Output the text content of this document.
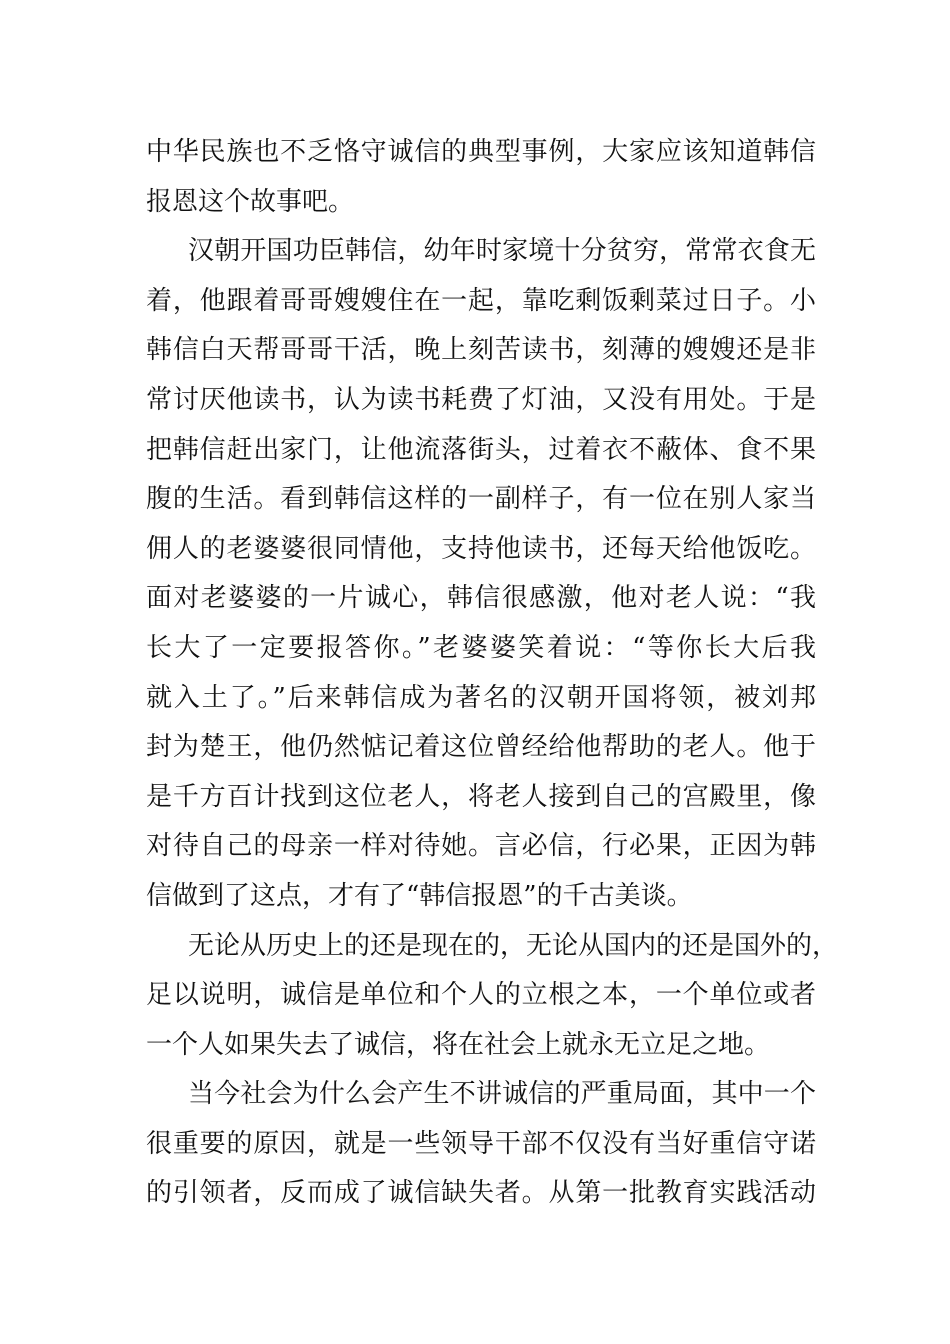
中华民族也不乏恪守诚信的典型事例，大家应该知道韩信
报恩这个故事吧。
汉朝开国功臣韩信，幼年时家境十分贫穷，常常衣食无
着，他跟着哥哥嫂嫂住在一起，靠吃剩饭剩菜过日子。小
韩信白天帮哥哥干活，晚上刻苦读书，刻薄的嫂嫂还是非
常讨厌他读书，认为读书耗费了灯油，又没有用处。于是
把韩信赶出家门，让他流落街头，过着衣不蔽体、食不果
腹的生活。看到韩信这样的一副样子，有一位在别人家当
佣人的老婆婆很同情他，支持他读书，还每天给他饭吃。
面对老婆婆的一片诚心，韩信很感激，他对老人说：“我
长大了一定要报答你。”老婆婆笑着说：“等你长大后我
就入土了。”后来韩信成为著名的汉朝开国将领，被刘邦
封为楚王，他仍然惦记着这位曾经给他帮助的老人。他于
是千方百计找到这位老人，将老人接到自己的宫殿里，像
对待自己的母亲一样对待她。言必信，行必果，正因为韩
信做到了这点，才有了“韩信报恩”的千古美谈。
无论从历史上的还是现在的，无论从国内的还是国外的，
足以说明，诚信是单位和个人的立根之本，一个单位或者
一个人如果失去了诚信，将在社会上就永无立足之地。
当今社会为什么会产生不讲诚信的严重局面，其中一个
很重要的原因，就是一些领导干部不仅没有当好重信守诺
的引领者，反而成了诚信缺失者。从第一批教育实践活动
